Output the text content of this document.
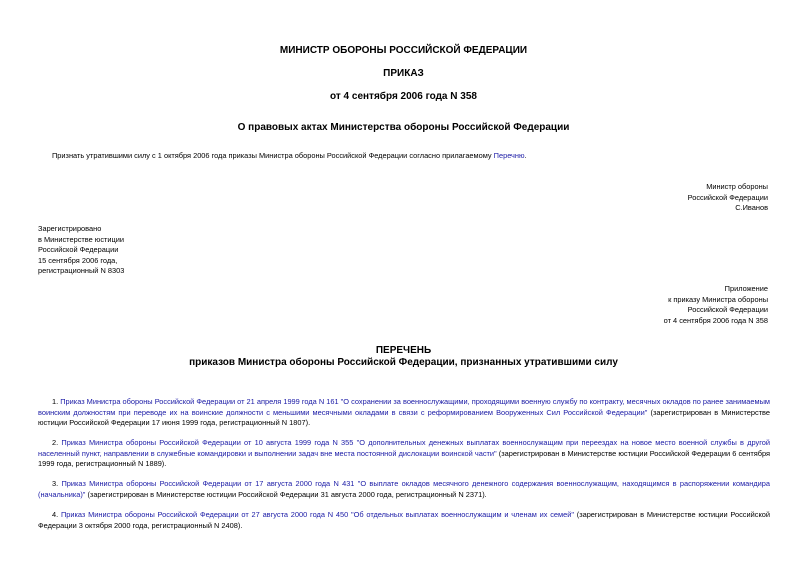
МИНИСТР ОБОРОНЫ РОССИЙСКОЙ ФЕДЕРАЦИИ
ПРИКАЗ
от 4 сентября 2006 года N 358
О правовых актах Министерства обороны Российской Федерации
Признать утратившими силу с 1 октября 2006 года приказы Министра обороны Российской Федерации согласно прилагаемому Перечню.
Министр обороны
Российской Федерации
С.Иванов
Зарегистрировано
в Министерстве юстиции
Российской Федерации
15 сентября 2006 года,
регистрационный N 8303
Приложение
к приказу Министра обороны
Российской Федерации
от 4 сентября 2006 года N 358
ПЕРЕЧЕНЬ
приказов Министра обороны Российской Федерации, признанных утратившими силу
1. Приказ Министра обороны Российской Федерации от 21 апреля 1999 года N 161 "О сохранении за военнослужащими, проходящими военную службу по контракту, месячных окладов по ранее занимаемым воинским должностям при переводе их на воинские должности с меньшими месячными окладами в связи с реформированием Вооруженных Сил Российской Федерации" (зарегистрирован в Министерстве юстиции Российской Федерации 17 июня 1999 года, регистрационный N 1807).
2. Приказ Министра обороны Российской Федерации от 10 августа 1999 года N 355 "О дополнительных денежных выплатах военнослужащим при переездах на новое место военной службы в другой населенный пункт, направлении в служебные командировки и выполнении задач вне места постоянной дислокации воинской части" (зарегистрирован в Министерстве юстиции Российской Федерации 6 сентября 1999 года, регистрационный N 1889).
3. Приказ Министра обороны Российской Федерации от 17 августа 2000 года N 431 "О выплате окладов месячного денежного содержания военнослужащим, находящимся в распоряжении командира (начальника)" (зарегистрирован в Министерстве юстиции Российской Федерации 31 августа 2000 года, регистрационный N 2371).
4. Приказ Министра обороны Российской Федерации от 27 августа 2000 года N 450 "Об отдельных выплатах военнослужащим и членам их семей" (зарегистрирован в Министерстве юстиции Российской Федерации 3 октября 2000 года, регистрационный N 2408).
